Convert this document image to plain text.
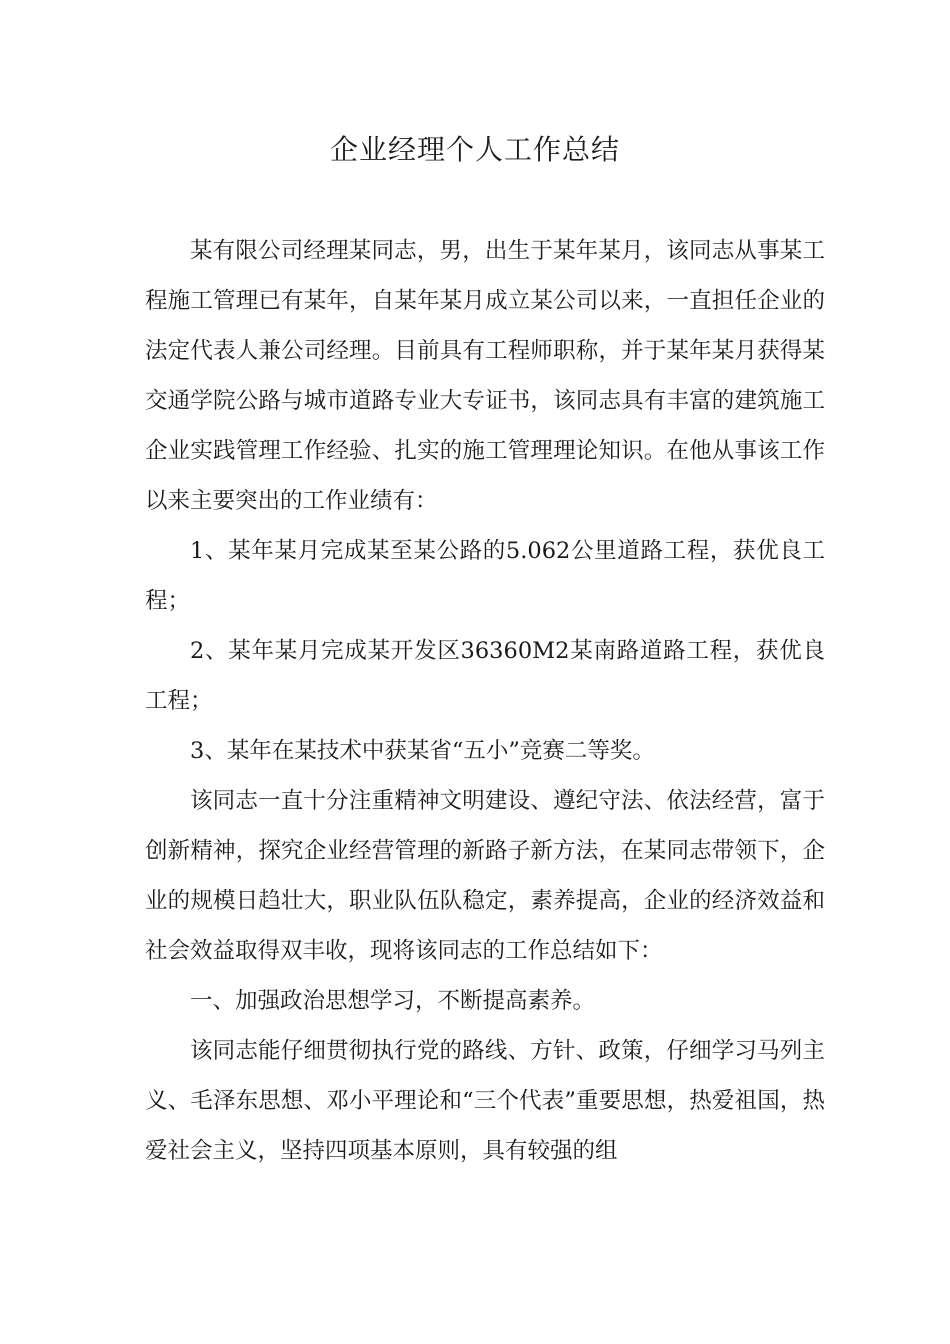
企业经理个人工作总结

某有限公司经理某同志，男，出生于某年某月，该同志从事某工程施工管理已有某年，自某年某月成立某公司以来，一直担任企业的法定代表人兼公司经理。目前具有工程师职称，并于某年某月获得某交通学院公路与城市道路专业大专证书，该同志具有丰富的建筑施工企业实践管理工作经验、扎实的施工管理理论知识。在他从事该工作以来主要突出的工作业绩有：

1、某年某月完成某至某公路的5.062公里道路工程，获优良工程；

2、某年某月完成某开发区36360M2某南路道路工程，获优良工程；

3、某年在某技术中获某省“五小”竞赛二等奖。

该同志一直十分注重精神文明建设、遵纪守法、依法经营，富于创新精神，探究企业经营管理的新路子新方法，在某同志带领下，企业的规模日趋壮大，职业队伍队稳定，素养提高，企业的经济效益和社会效益取得双丰收，现将该同志的工作总结如下：

一、加强政治思想学习，不断提高素养。

该同志能仔细贯彻执行党的路线、方针、政策，仔细学习马列主义、毛泽东思想、邓小平理论和“三个代表”重要思想，热爱祖国，热爱社会主义，坚持四项基本原则，具有较强的组
